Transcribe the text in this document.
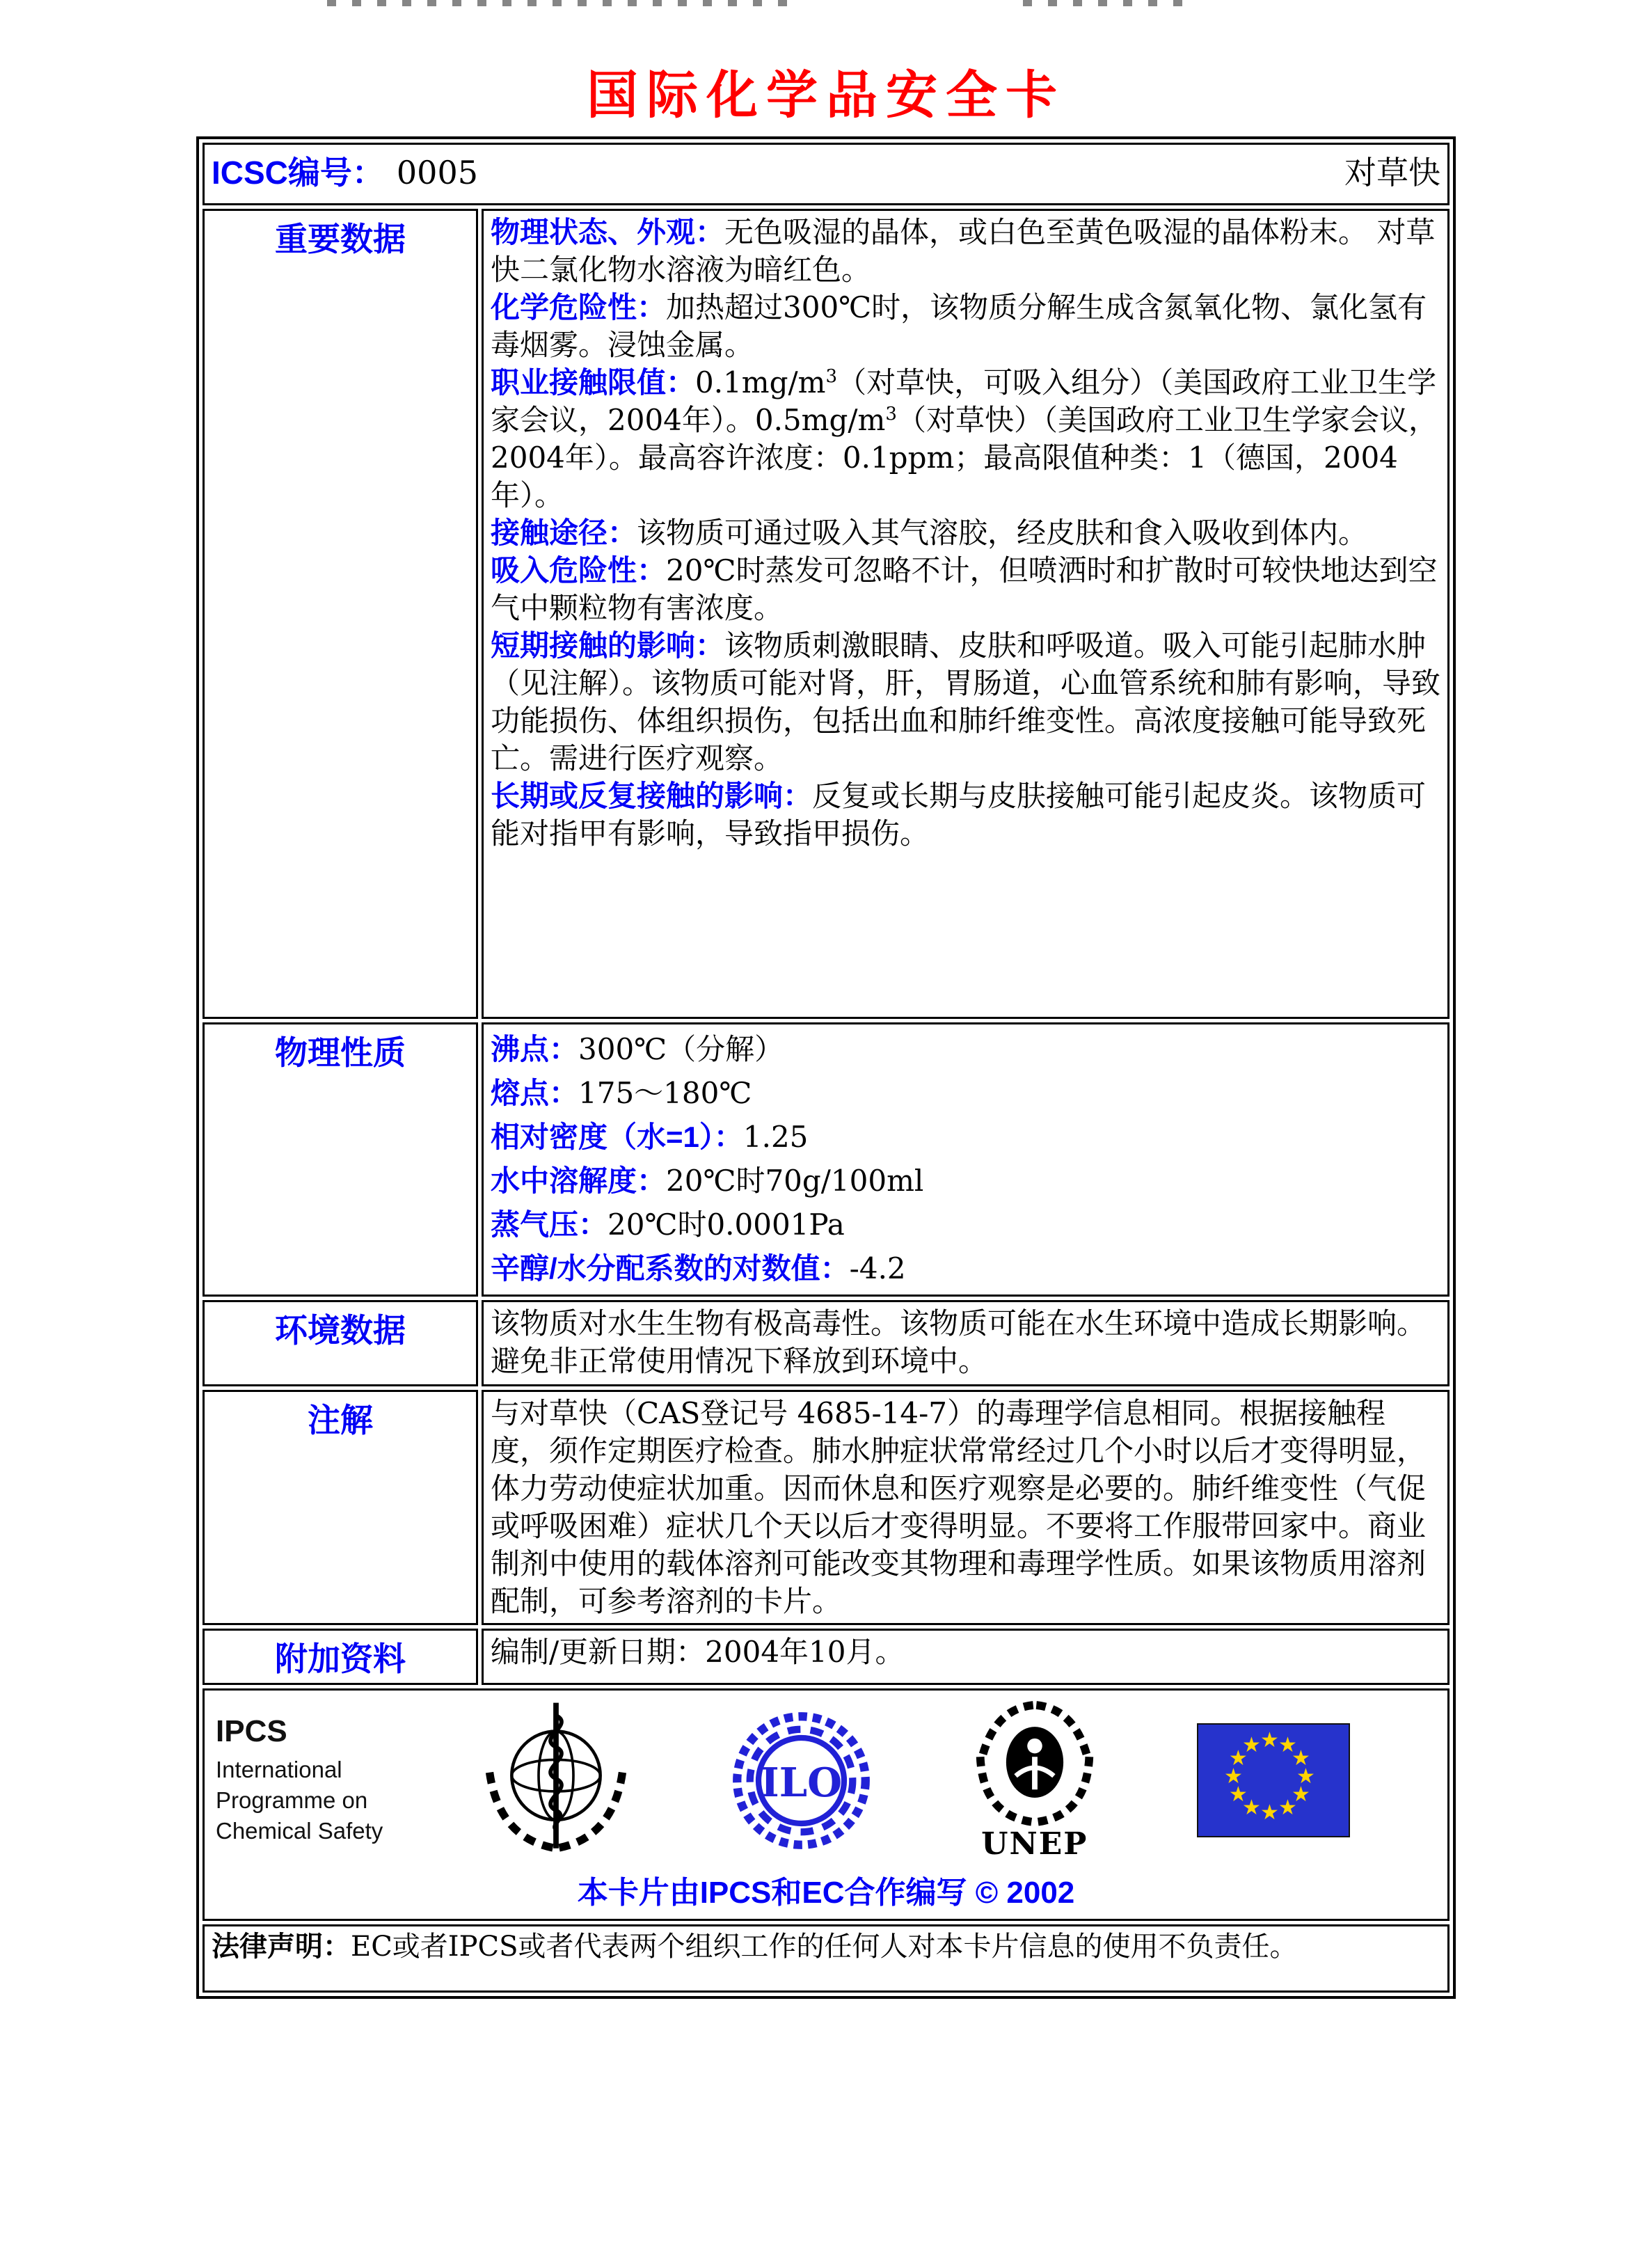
国际化学品安全卡
ICSC编号： 0005 对草快	

重要数据	物理状态、外观：无色吸湿的晶体，或白色至黄色吸湿的晶体粉末。 对草快二氯化物水溶液为暗红色。
化学危险性：加热超过300℃时，该物质分解生成含氮氧化物、氯化氢有毒烟雾。浸蚀金属。
职业接触限值：$0.1mg/m^3$（对草快，可吸入组分）（美国政府工业卫生学家会议，2004年）。$0.5mg/m^3$（对草快）（美国政府工业卫生学家会议，2004年）。最高容许浓度：0.1ppm；最高限值种类：1（德国，2004年）。
接触途径：该物质可通过吸入其气溶胶，经皮肤和食入吸收到体内。
吸入危险性：20℃时蒸发可忽略不计，但喷洒时和扩散时可较快地达到空气中颗粒物有害浓度。
短期接触的影响：该物质刺激眼睛、皮肤和呼吸道。吸入可能引起肺水肿（见注解）。该物质可能对肾，肝，胃肠道，心血管系统和肺有影响，导致功能损伤、体组织损伤，包括出血和肺纤维变性。高浓度接触可能导致死亡。需进行医疗观察。
长期或反复接触的影响：反复或长期与皮肤接触可能引起皮炎。该物质可能对指甲有影响，导致指甲损伤。

物理性质	沸点：300℃（分解）
熔点：175～180℃
相对密度（水=1）：1.25
水中溶解度：20℃时70g/100ml
蒸气压：20℃时0.0001Pa
辛醇/水分配系数的对数值：-4.2

环境数据	该物质对水生生物有极高毒性。该物质可能在水生环境中造成长期影响。避免非正常使用情况下释放到环境中。

注解	与对草快（CAS登记号 4685-14-7）的毒理学信息相同。根据接触程度，须作定期医疗检查。肺水肿症状常常经过几个小时以后才变得明显，体力劳动使症状加重。因而休息和医疗观察是必要的。肺纤维变性（气促或呼吸困难）症状几个天以后才变得明显。不要将工作服带回家中。商业制剂中使用的载体溶剂可能改变其物理和毒理学性质。如果该物质用溶剂配制，可参考溶剂的卡片。

附加资料	编制/更新日期：2004年10月。

IPCS
International
Programme on
Chemical Safety
ILO
UNEP
★ ★
★
★
★
★
★
★
★
★
★
★
本卡片由IPCS和EC合作编写 © 2002

法律声明：EC或者IPCS或者代表两个组织工作的任何人对本卡片信息的使用不负责任。	
